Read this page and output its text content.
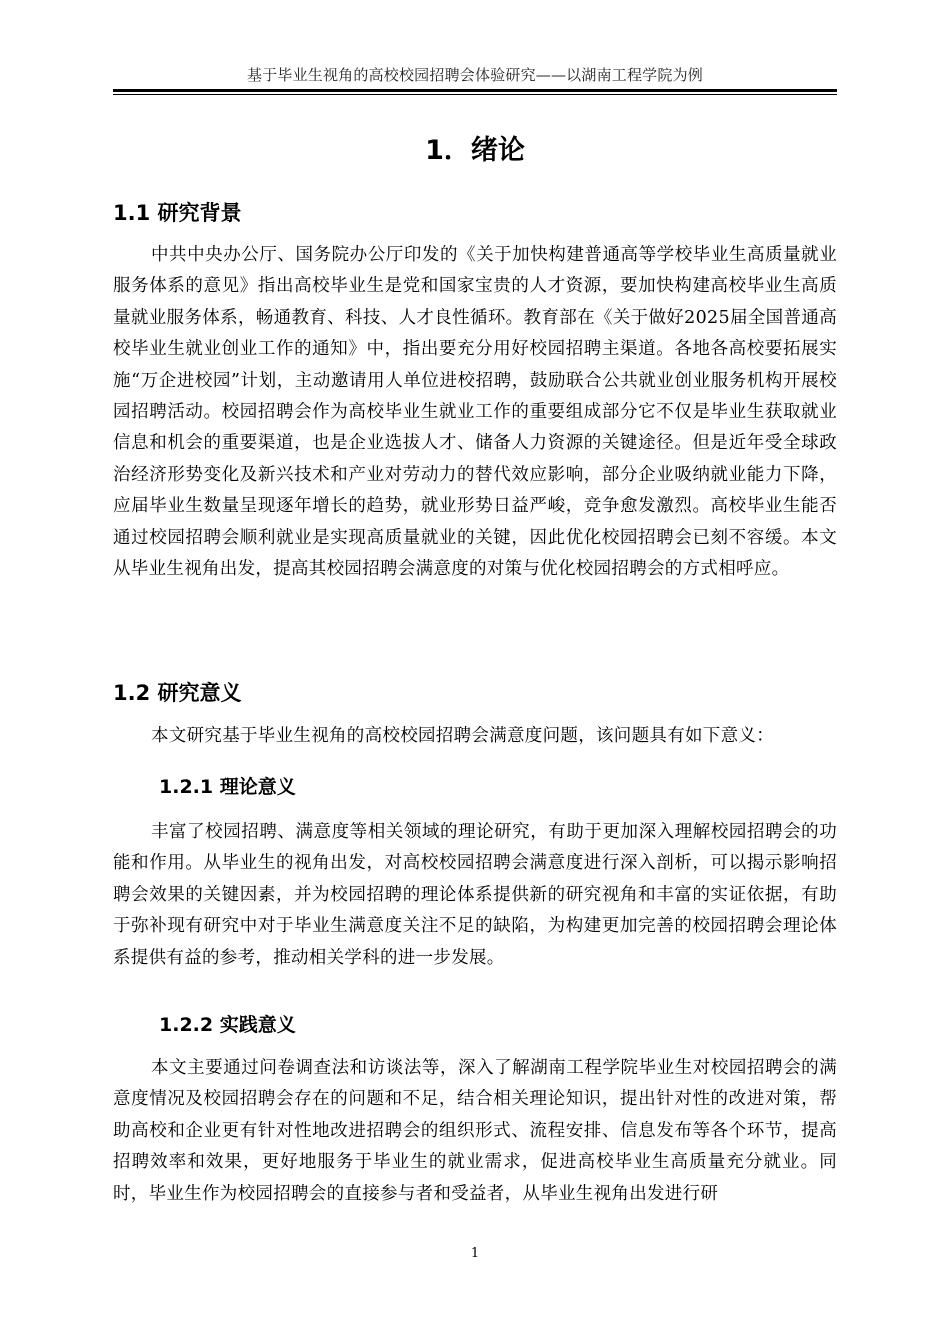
基于毕业生视角的高校校园招聘会体验研究——以湖南工程学院为例
1．绪论
1.1 研究背景

中共中央办公厅、国务院办公厅印发的《关于加快构建普通高等学校毕业生高质量就业服务体系的意见》指出高校毕业生是党和国家宝贵的人才资源，要加快构建高校毕业生高质量就业服务体系，畅通教育、科技、人才良性循环。教育部在《关于做好2025届全国普通高校毕业生就业创业工作的通知》中，指出要充分用好校园招聘主渠道。各地各高校要拓展实施“万企进校园”计划，主动邀请用人单位进校招聘，鼓励联合公共就业创业服务机构开展校园招聘活动。校园招聘会作为高校毕业生就业工作的重要组成部分它不仅是毕业生获取就业信息和机会的重要渠道，也是企业选拔人才、储备人力资源的关键途径。但是近年受全球政治经济形势变化及新兴技术和产业对劳动力的替代效应影响，部分企业吸纳就业能力下降，应届毕业生数量呈现逐年增长的趋势，就业形势日益严峻，竞争愈发激烈。高校毕业生能否通过校园招聘会顺利就业是实现高质量就业的关键，因此优化校园招聘会已刻不容缓。本文从毕业生视角出发，提高其校园招聘会满意度的对策与优化校园招聘会的方式相呼应。

1.2 研究意义

本文研究基于毕业生视角的高校校园招聘会满意度问题，该问题具有如下意义：

1.2.1 理论意义

丰富了校园招聘、满意度等相关领域的理论研究，有助于更加深入理解校园招聘会的功能和作用。从毕业生的视角出发，对高校校园招聘会满意度进行深入剖析，可以揭示影响招聘会效果的关键因素，并为校园招聘的理论体系提供新的研究视角和丰富的实证依据，有助于弥补现有研究中对于毕业生满意度关注不足的缺陷，为构建更加完善的校园招聘会理论体系提供有益的参考，推动相关学科的进一步发展。

1.2.2 实践意义

本文主要通过问卷调查法和访谈法等，深入了解湖南工程学院毕业生对校园招聘会的满意度情况及校园招聘会存在的问题和不足，结合相关理论知识，提出针对性的改进对策，帮助高校和企业更有针对性地改进招聘会的组织形式、流程安排、信息发布等各个环节，提高招聘效率和效果，更好地服务于毕业生的就业需求，促进高校毕业生高质量充分就业。同时，毕业生作为校园招聘会的直接参与者和受益者，从毕业生视角出发进行研

1
